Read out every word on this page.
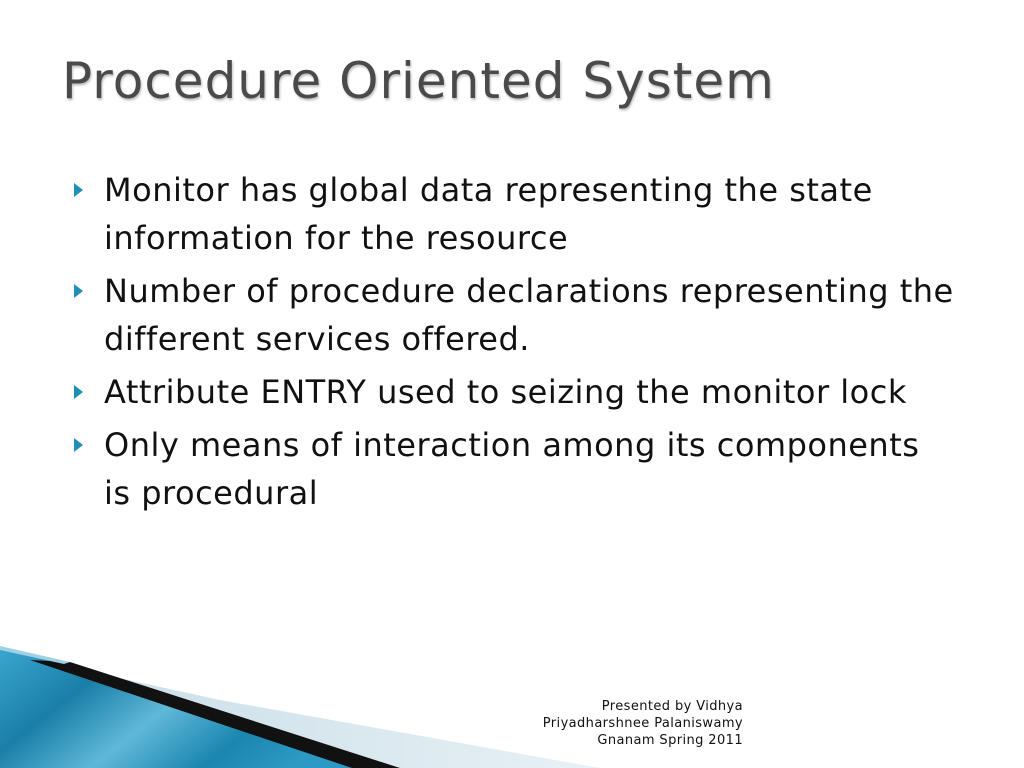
Procedure Oriented System
Monitor has global data representing the state information for the resource
Number of procedure declarations representing the different services offered.
Attribute ENTRY used to seizing the monitor lock
Only means of interaction among its components is procedural
Presented by Vidhya
Priyadharshnee Palaniswamy
Gnanam Spring 2011
